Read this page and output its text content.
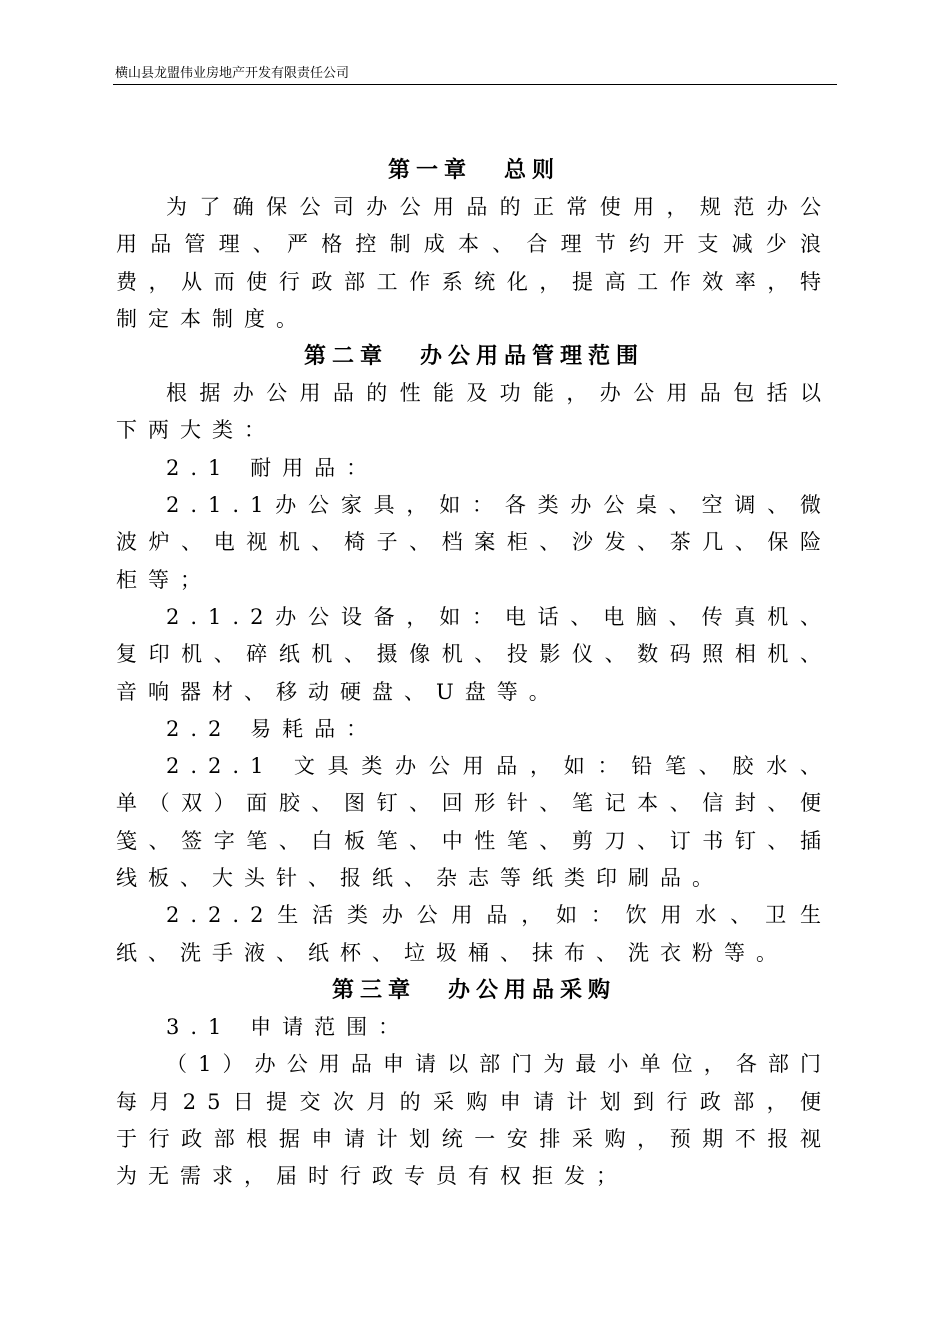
横山县龙盟伟业房地产开发有限责任公司
第一章 总则

为了确保公司办公用品的正常使用，规范办公用品管理、严格控制成本、合理节约开支减少浪费，从而使行政部工作系统化，提高工作效率，特制定本制度。

第二章 办公用品管理范围

根据办公用品的性能及功能，办公用品包括以下两大类：

2.1 耐用品：

2.1.1办公家具，如：各类办公桌、空调、微波炉、电视机、椅子、档案柜、沙发、茶几、保险柜等；

2.1.2办公设备，如：电话、电脑、传真机、复印机、碎纸机、摄像机、投影仪、数码照相机、音响器材、移动硬盘、U盘等。

2.2 易耗品：

2.2.1 文具类办公用品，如：铅笔、胶水、单（双）面胶、图钉、回形针、笔记本、信封、便笺、签字笔、白板笔、中性笔、剪刀、订书钉、插线板、大头针、报纸、杂志等纸类印刷品。

2.2.2生活类办公用品，如：饮用水、卫生纸、洗手液、纸杯、垃圾桶、抹布、洗衣粉等。

第三章 办公用品采购

3.1 申请范围：

（1）办公用品申请以部门为最小单位，各部门每月25日提交次月的采购申请计划到行政部，便于行政部根据申请计划统一安排采购，预期不报视为无需求，届时行政专员有权拒发；
